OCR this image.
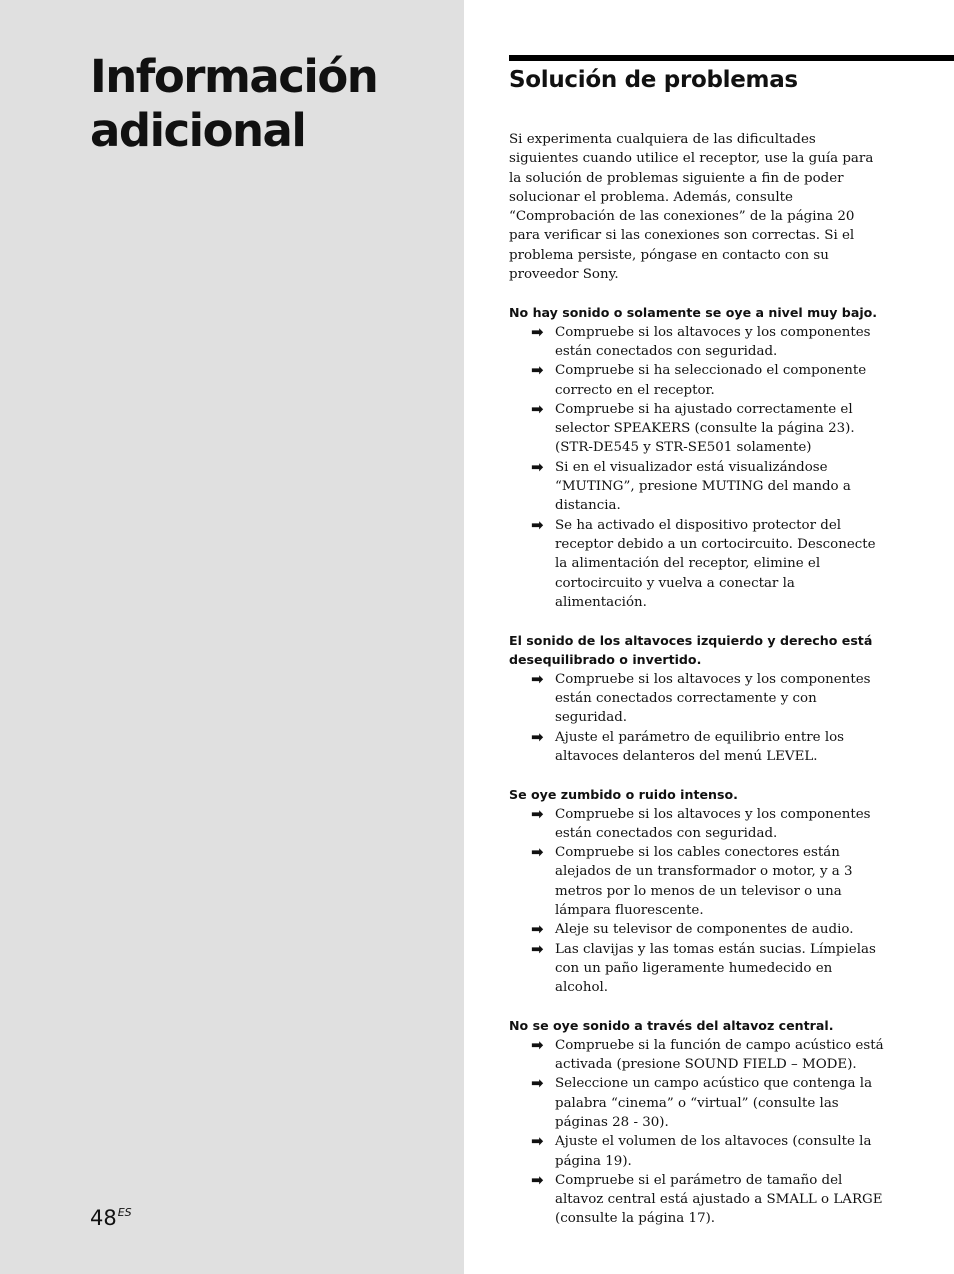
Información
adicional
$48^{ES}$
Solución de problemas

Si experimenta cualquiera de las dificultades siguientes cuando utilice el receptor, use la guía para la solución de problemas siguiente a fin de poder solucionar el problema. Además, consulte “Comprobación de las conexiones” de la página 20 para verificar si las conexiones son correctas. Si el problema persiste, póngase en contacto con su proveedor Sony.

No hay sonido o solamente se oye a nivel muy bajo.

➡ Compruebe si los altavoces y los componentes están conectados con seguridad.
➡ Compruebe si ha seleccionado el componente correcto en el receptor.
➡ Compruebe si ha ajustado correctamente el selector SPEAKERS (consulte la página 23). (STR-DE545 y STR-SE501 solamente)
➡ Si en el visualizador está visualizándose “MUTING”, presione MUTING del mando a distancia.
➡ Se ha activado el dispositivo protector del receptor debido a un cortocircuito. Desconecte la alimentación del receptor, elimine el cortocircuito y vuelva a conectar la alimentación.

El sonido de los altavoces izquierdo y derecho está desequilibrado o invertido.

➡ Compruebe si los altavoces y los componentes están conectados correctamente y con seguridad.
➡ Ajuste el parámetro de equilibrio entre los altavoces delanteros del menú LEVEL.

Se oye zumbido o ruido intenso.

➡ Compruebe si los altavoces y los componentes están conectados con seguridad.
➡ Compruebe si los cables conectores están alejados de un transformador o motor, y a 3 metros por lo menos de un televisor o una lámpara fluorescente.
➡ Aleje su televisor de componentes de audio.
➡ Las clavijas y las tomas están sucias. Límpielas con un paño ligeramente humedecido en alcohol.

No se oye sonido a través del altavoz central.

➡ Compruebe si la función de campo acústico está activada (presione SOUND FIELD – MODE).
➡ Seleccione un campo acústico que contenga la palabra “cinema” o “virtual” (consulte las páginas 28 - 30).
➡ Ajuste el volumen de los altavoces (consulte la página 19).
➡ Compruebe si el parámetro de tamaño del altavoz central está ajustado a SMALL o LARGE (consulte la página 17).
